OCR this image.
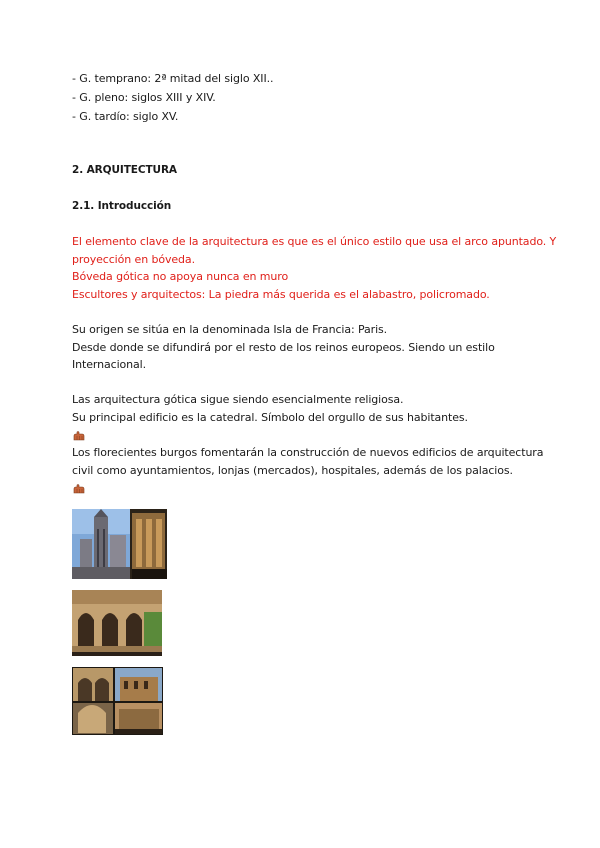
- G. temprano: 2ª mitad del siglo XII..
- G. pleno: siglos XIII y XIV.
- G. tardío: siglo XV.
2. ARQUITECTURA
2.1. Introducción
El elemento clave de la arquitectura es que es el único estilo que usa el arco apuntado. Y
proyección en bóveda.
Bóveda gótica no apoya nunca en muro
Escultores y arquitectos: La piedra más querida es el alabastro, policromado.
Su origen se sitúa en la denominada Isla de Francia: Paris.
Desde donde se difundirá por el resto de los reinos europeos. Siendo un estilo
Internacional.
Las arquitectura gótica sigue siendo esencialmente religiosa.
Su principal edificio es la catedral. Símbolo del orgullo de sus habitantes.
Los florecientes burgos fomentarán la construcción de nuevos edificios de arquitectura
civil como ayuntamientos, lonjas (mercados), hospitales, además de los palacios.
